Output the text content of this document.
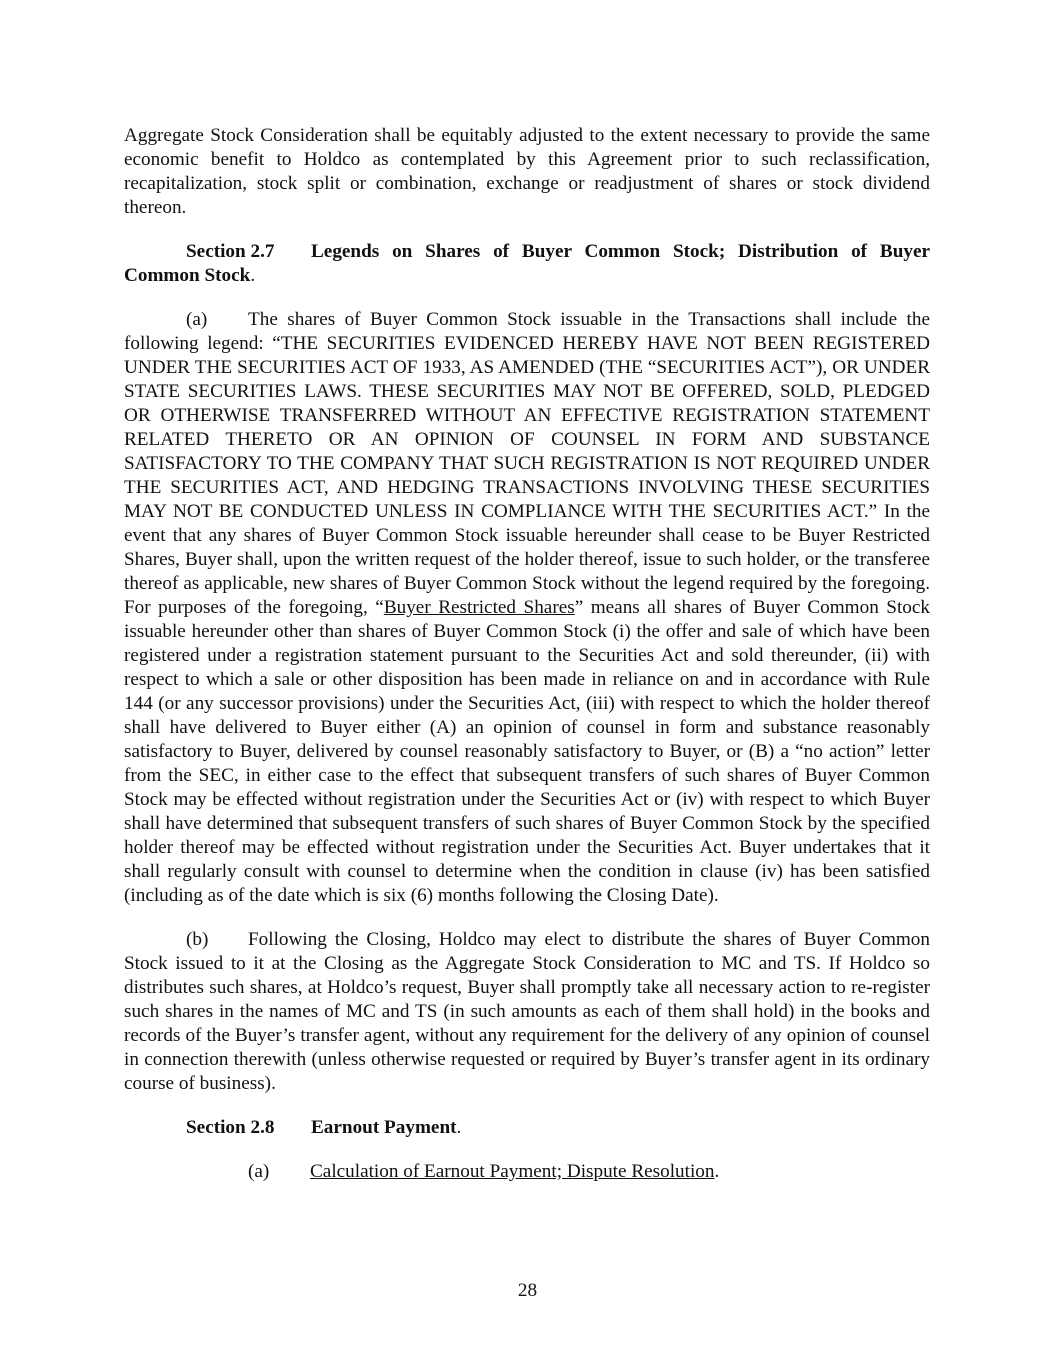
Aggregate Stock Consideration shall be equitably adjusted to the extent necessary to provide the same economic benefit to Holdco as contemplated by this Agreement prior to such reclassification, recapitalization, stock split or combination, exchange or readjustment of shares or stock dividend thereon.

Section 2.7 Legends on Shares of Buyer Common Stock; Distribution of Buyer Common Stock.

(a) The shares of Buyer Common Stock issuable in the Transactions shall include the following legend: “THE SECURITIES EVIDENCED HEREBY HAVE NOT BEEN REGISTERED UNDER THE SECURITIES ACT OF 1933, AS AMENDED (THE “SECURITIES ACT”), OR UNDER STATE SECURITIES LAWS. THESE SECURITIES MAY NOT BE OFFERED, SOLD, PLEDGED OR OTHERWISE TRANSFERRED WITHOUT AN EFFECTIVE REGISTRATION STATEMENT RELATED THERETO OR AN OPINION OF COUNSEL IN FORM AND SUBSTANCE SATISFACTORY TO THE COMPANY THAT SUCH REGISTRATION IS NOT REQUIRED UNDER THE SECURITIES ACT, AND HEDGING TRANSACTIONS INVOLVING THESE SECURITIES MAY NOT BE CONDUCTED UNLESS IN COMPLIANCE WITH THE SECURITIES ACT.” In the event that any shares of Buyer Common Stock issuable hereunder shall cease to be Buyer Restricted Shares, Buyer shall, upon the written request of the holder thereof, issue to such holder, or the transferee thereof as applicable, new shares of Buyer Common Stock without the legend required by the foregoing. For purposes of the foregoing, “Buyer Restricted Shares” means all shares of Buyer Common Stock issuable hereunder other than shares of Buyer Common Stock (i) the offer and sale of which have been registered under a registration statement pursuant to the Securities Act and sold thereunder, (ii) with respect to which a sale or other disposition has been made in reliance on and in accordance with Rule 144 (or any successor provisions) under the Securities Act, (iii) with respect to which the holder thereof shall have delivered to Buyer either (A) an opinion of counsel in form and substance reasonably satisfactory to Buyer, delivered by counsel reasonably satisfactory to Buyer, or (B) a “no action” letter from the SEC, in either case to the effect that subsequent transfers of such shares of Buyer Common Stock may be effected without registration under the Securities Act or (iv) with respect to which Buyer shall have determined that subsequent transfers of such shares of Buyer Common Stock by the specified holder thereof may be effected without registration under the Securities Act. Buyer undertakes that it shall regularly consult with counsel to determine when the condition in clause (iv) has been satisfied (including as of the date which is six (6) months following the Closing Date).

(b) Following the Closing, Holdco may elect to distribute the shares of Buyer Common Stock issued to it at the Closing as the Aggregate Stock Consideration to MC and TS. If Holdco so distributes such shares, at Holdco’s request, Buyer shall promptly take all necessary action to re-register such shares in the names of MC and TS (in such amounts as each of them shall hold) in the books and records of the Buyer’s transfer agent, without any requirement for the delivery of any opinion of counsel in connection therewith (unless otherwise requested or required by Buyer’s transfer agent in its ordinary course of business).

Section 2.8 Earnout Payment.

(a) Calculation of Earnout Payment; Dispute Resolution.

28
